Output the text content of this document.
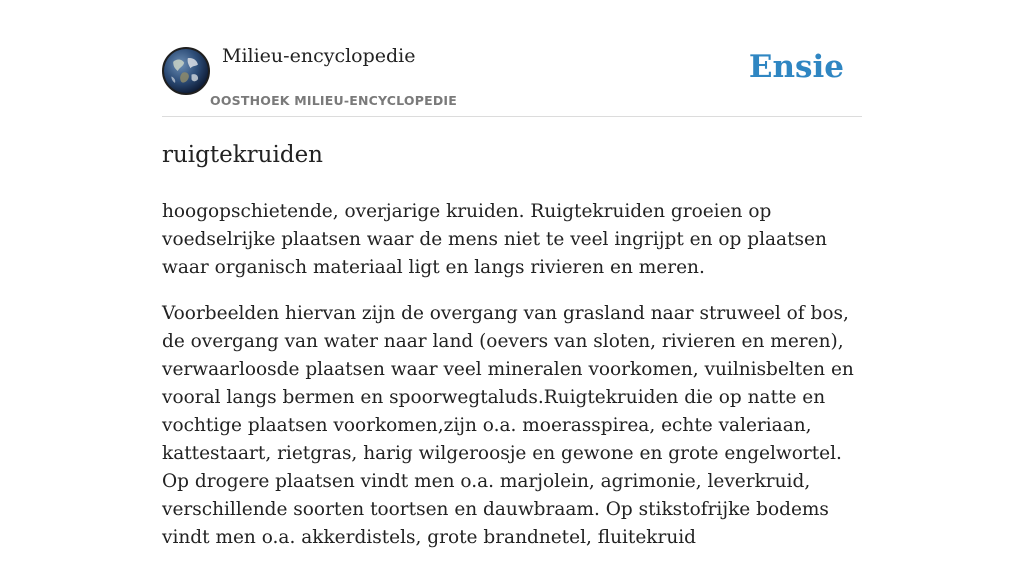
Milieu-encyclopedie
OOSTHOEK MILIEU-ENCYCLOPEDIE
Ensie
ruigtekruiden

hoogopschietende, overjarige kruiden. Ruigtekruiden groeien op voedselrijke plaatsen waar de mens niet te veel ingrijpt en op plaatsen waar organisch materiaal ligt en langs rivieren en meren.

Voorbeelden hiervan zijn de overgang van grasland naar struweel of bos, de overgang van water naar land (oevers van sloten, rivieren en meren), verwaarloosde plaatsen waar veel mineralen voorkomen, vuilnisbelten en vooral langs bermen en spoorwegtaluds.Ruigtekruiden die op natte en vochtige plaatsen voorkomen,zijn o.a. moerasspirea, echte valeriaan, kattestaart, rietgras, harig wilgeroosje en gewone en grote engelwortel. Op drogere plaatsen vindt men o.a. marjolein, agrimonie, leverkruid, verschillende soorten toortsen en dauwbraam. Op stikstofrijke bodems vindt men o.a. akkerdistels, grote brandnetel, fluitekruid
